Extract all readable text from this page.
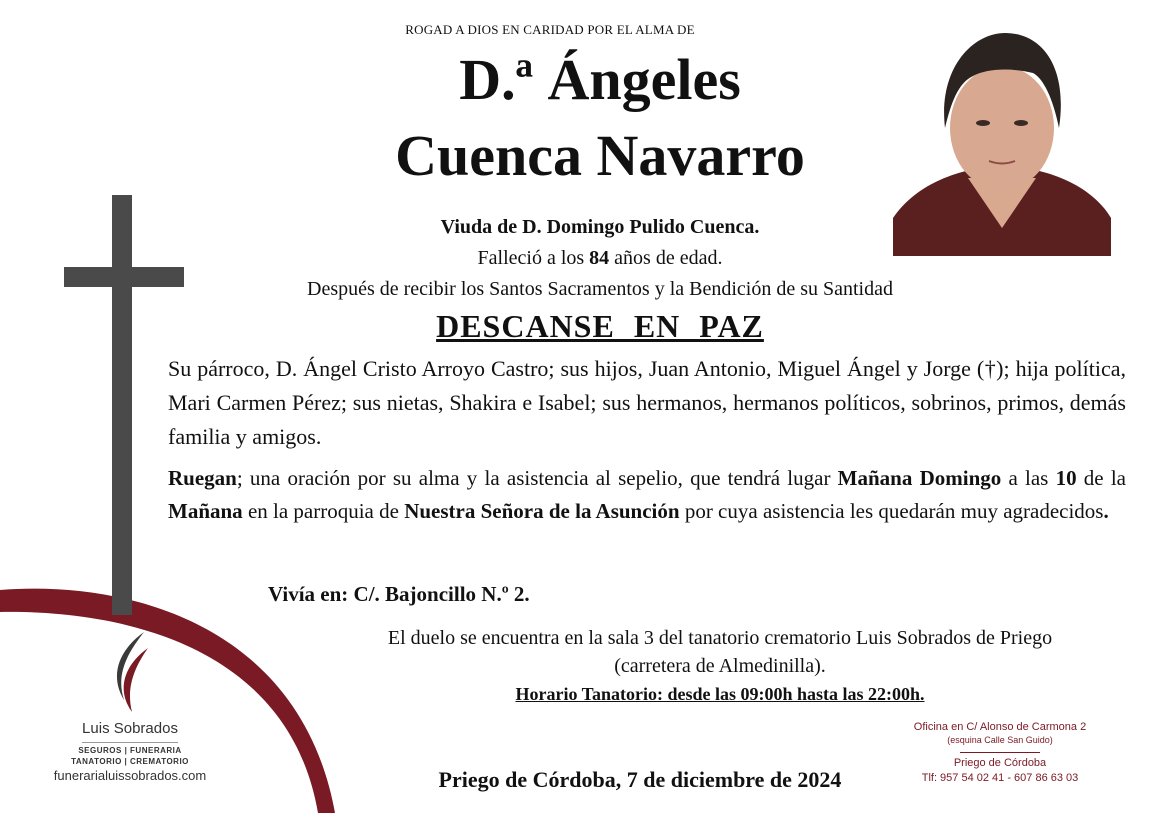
ROGAD A DIOS EN CARIDAD POR EL ALMA DE
D.ª Ángeles
Cuenca Navarro
Viuda de D. Domingo Pulido Cuenca.
Falleció a los 84 años de edad.
Después de recibir los Santos Sacramentos y la Bendición de su Santidad
DESCANSE EN PAZ
Su párroco, D. Ángel Cristo Arroyo Castro; sus hijos, Juan Antonio, Miguel Ángel y Jorge (†); hija política, Mari Carmen Pérez; sus nietas, Shakira e Isabel; sus hermanos, hermanos políticos, sobrinos, primos, demás familia y amigos.
Ruegan; una oración por su alma y la asistencia al sepelio, que tendrá lugar Mañana Domingo a las 10 de la Mañana en la parroquia de Nuestra Señora de la Asunción por cuya asistencia les quedarán muy agradecidos.
Vivía en: C/. Bajoncillo N.º 2.
El duelo se encuentra en la sala 3 del tanatorio crematorio Luis Sobrados de Priego
(carretera de Almedinilla).
Horario Tanatorio: desde las 09:00h hasta las 22:00h.
Priego de Córdoba, 7 de diciembre de 2024
Luis Sobrados
SEGUROS | FUNERARIA
TANATORIO | CREMATORIO
funerarialuissobrados.com
Oficina en C/ Alonso de Carmona 2
(esquina Calle San Guido)
Priego de Córdoba
Tlf: 957 54 02 41 - 607 86 63 03
